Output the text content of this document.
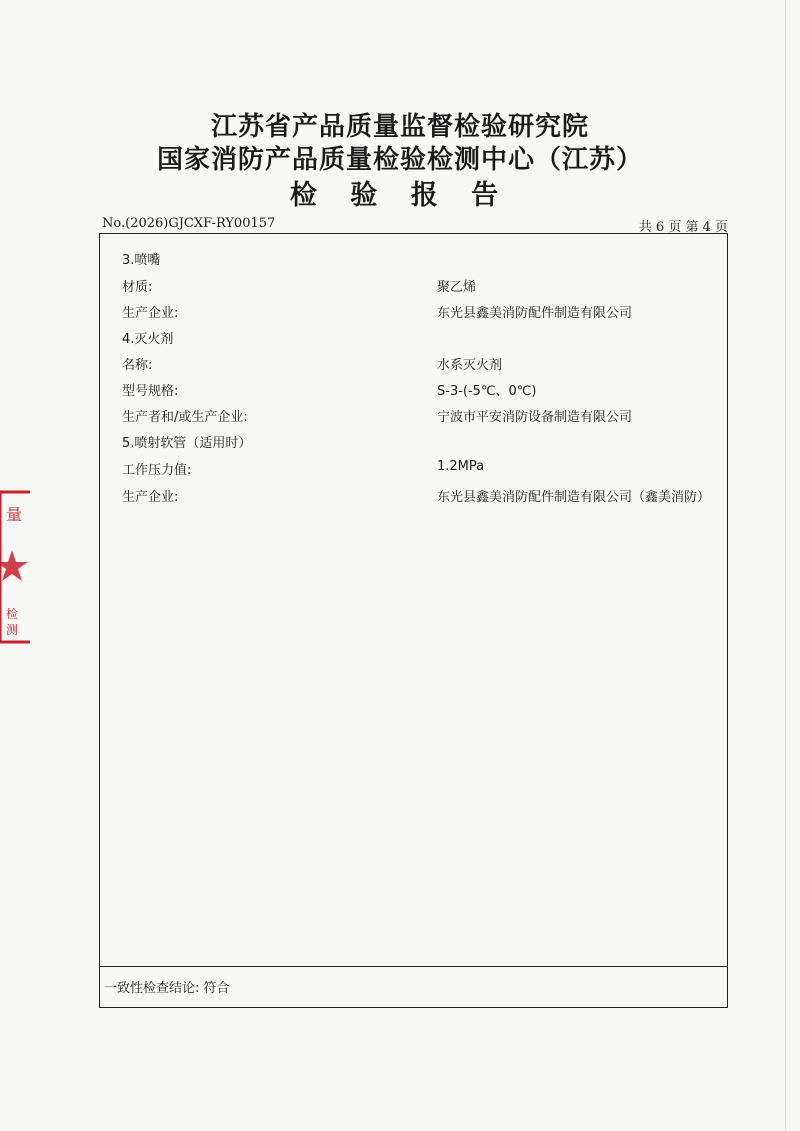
江苏省产品质量监督检验研究院
国家消防产品质量检验检测中心（江苏）
检 验 报 告
No.(2026)GJCXF-RY00157	共 6 页 第 4 页
3.喷嘴
材质:	聚乙烯
生产企业:	东光县鑫美消防配件制造有限公司
4.灭火剂
名称:	水系灭火剂
型号规格:	S-3-(-5℃、0℃)
生产者和/或生产企业:	宁波市平安消防设备制造有限公司
5.喷射软管（适用时）
工作压力值:	1.2MPa
生产企业:	东光县鑫美消防配件制造有限公司（鑫美消防）
一致性检查结论: 符合
量
检
测
